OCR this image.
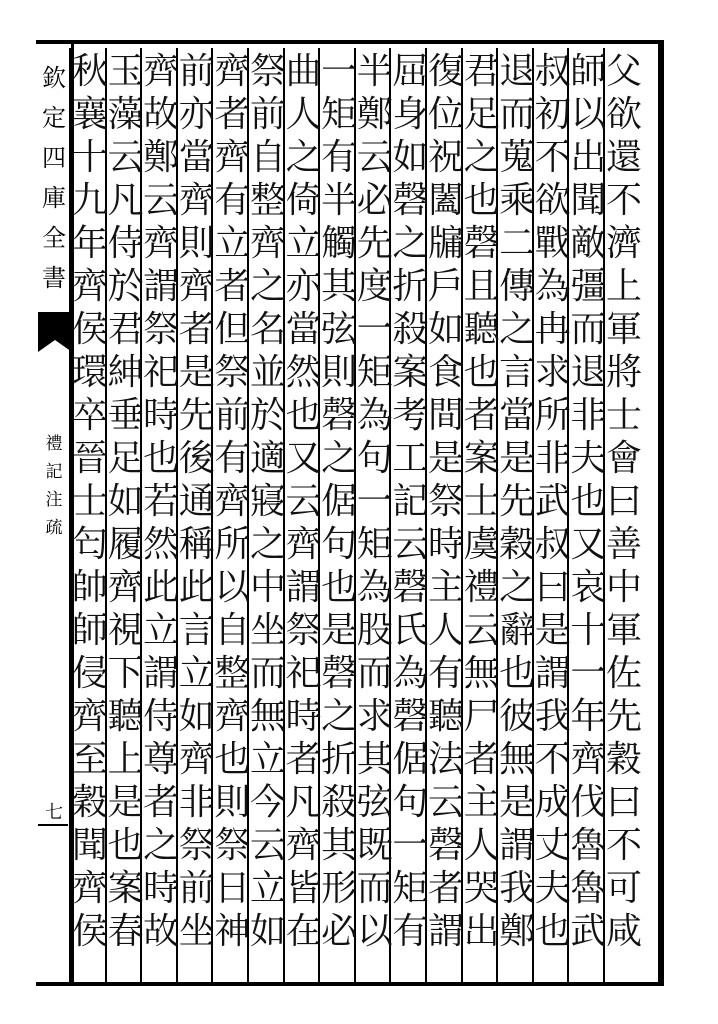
欽
定
四
庫
全
書
禮
記
注
疏
七
父
欲
還
不
濟
上
軍
將
士
會
曰
善
中
軍
佐
先
穀
曰
不
可
咸
師
以
出
聞
敵
彊
而
退
非
夫
也
又
哀
十
一
年
齊
伐
魯
魯
武
叔
初
不
欲
戰
為
冉
求
所
非
武
叔
曰
是
謂
我
不
成
丈
夫
也
退
而
蒐
乘
二
傳
之
言
當
是
先
穀
之
辭
也
彼
無
是
謂
我
鄭
君
足
之
也
磬
且
聽
也
者
案
士
虞
禮
云
無
尸
者
主
人
哭
出
復
位
祝
闔
牖
戶
如
食
間
是
祭
時
主
人
有
聽
法
云
磬
者
謂
屈
身
如
磬
之
折
殺
案
考
工
記
云
磬
氏
為
磬
倨
句
一
矩
有
半
鄭
云
必
先
度
一
矩
為
句
一
矩
為
股
而
求
其
弦
既
而
以
一
矩
有
半
觸
其
弦
則
磬
之
倨
句
也
是
磬
之
折
殺
其
形
必
曲
人
之
倚
立
亦
當
然
也
又
云
齊
謂
祭
祀
時
者
凡
齊
皆
在
祭
前
自
整
齊
之
名
並
於
適
寢
之
中
坐
而
無
立
今
云
立
如
齊
者
齊
有
立
者
但
祭
前
有
齊
所
以
自
整
齊
也
則
祭
日
神
前
亦
當
齊
則
齊
者
是
先
後
通
稱
此
言
立
如
齊
非
祭
前
坐
齊
故
鄭
云
齊
謂
祭
祀
時
也
若
然
此
立
謂
侍
尊
者
之
時
故
玉
藻
云
凡
侍
於
君
紳
垂
足
如
履
齊
視
下
聽
上
是
也
案
春
秋
襄
十
九
年
齊
侯
環
卒
晉
士
匄
帥
師
侵
齊
至
穀
聞
齊
侯
